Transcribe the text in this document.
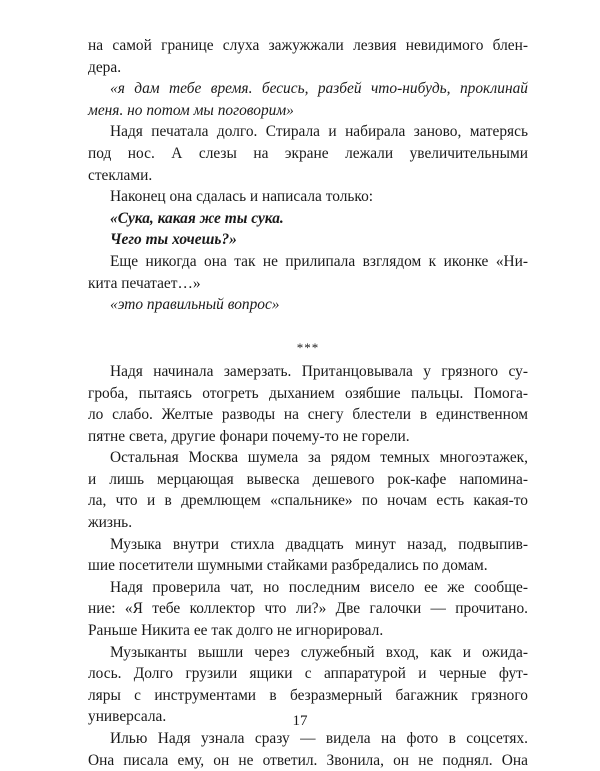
на самой границе слуха зажужжали лезвия невидимого блен-
дера.
«я дам тебе время. бесись, разбей что-нибудь, проклинай
меня. но потом мы поговорим»
Надя печатала долго. Стирала и набирала заново, матерясь
под нос. А слезы на экране лежали увеличительными
стеклами.
Наконец она сдалась и написала только:
«Сука, какая же ты сука.
Чего ты хочешь?»
Еще никогда она так не прилипала взглядом к иконке «Ни-
кита печатает…»
«это правильный вопрос»
***
Надя начинала замерзать. Пританцовывала у грязного су-
гроба, пытаясь отогреть дыханием озябшие пальцы. Помога-
ло слабо. Желтые разводы на снегу блестели в единственном
пятне света, другие фонари почему-то не горели.
Остальная Москва шумела за рядом темных многоэтажек,
и лишь мерцающая вывеска дешевого рок-кафе напомина-
ла, что и в дремлющем «спальнике» по ночам есть какая-то
жизнь.
Музыка внутри стихла двадцать минут назад, подвыпив-
шие посетители шумными стайками разбредались по домам.
Надя проверила чат, но последним висело ее же сообще-
ние: «Я тебе коллектор что ли?» Две галочки — прочитано.
Раньше Никита ее так долго не игнорировал.
Музыканты вышли через служебный вход, как и ожида-
лось. Долго грузили ящики с аппаратурой и черные фут-
ляры с инструментами в безразмерный багажник грязного
универсала.
Илью Надя узнала сразу — видела на фото в соцсетях.
Она писала ему, он не ответил. Звонила, он не поднял. Она
17
